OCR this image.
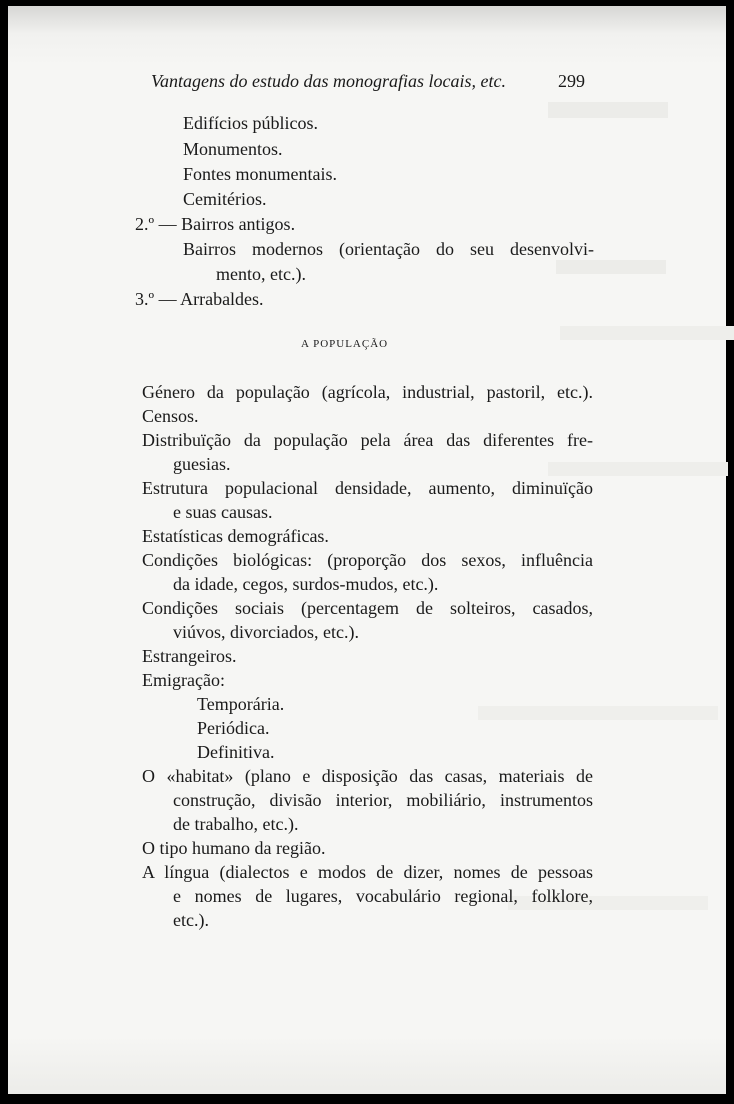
Vantagens do estudo das monografias locais, etc.	299
Edifícios públicos.
Monumentos.
Fontes monumentais.
Cemitérios.
2.º — Bairros antigos.
Bairros modernos (orientação do seu desenvolvi-
mento, etc.).
3.º — Arrabaldes.
A POPULAÇÃO
Género da população (agrícola, industrial, pastoril, etc.).
Censos.
Distribuïção da população pela área das diferentes fre-
guesias.
Estrutura populacional densidade, aumento, diminuïção
e suas causas.
Estatísticas demográficas.
Condições biológicas: (proporção dos sexos, influência
da idade, cegos, surdos-mudos, etc.).
Condições sociais (percentagem de solteiros, casados,
viúvos, divorciados, etc.).
Estrangeiros.
Emigração:
Temporária.
Periódica.
Definitiva.
O «habitat» (plano e disposição das casas, materiais de
construção, divisão interior, mobiliário, instrumentos
de trabalho, etc.).
O tipo humano da região.
A língua (dialectos e modos de dizer, nomes de pessoas
e nomes de lugares, vocabulário regional, folklore,
etc.).
